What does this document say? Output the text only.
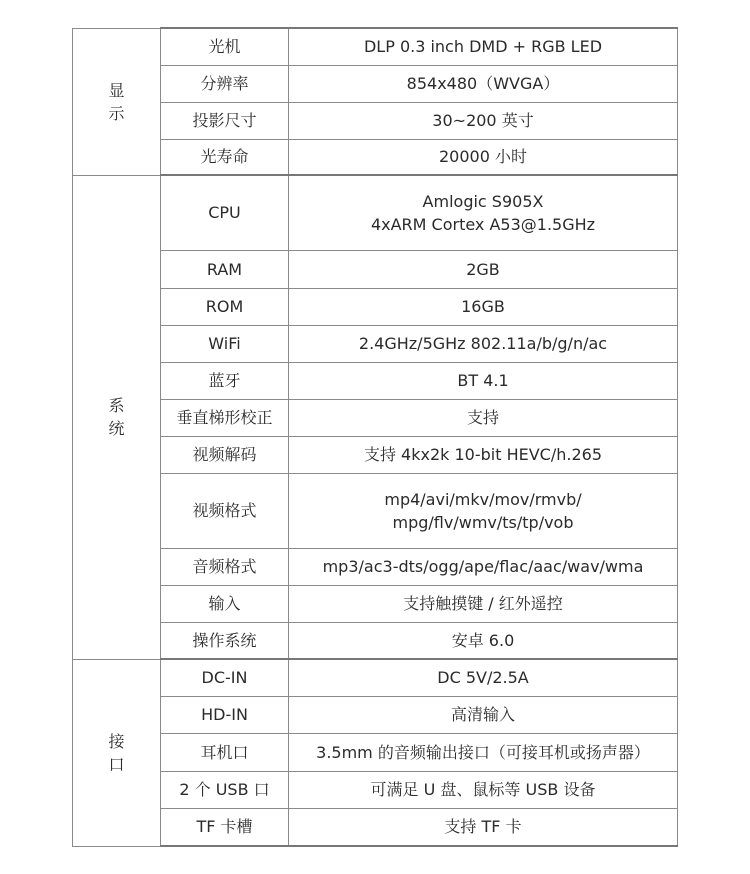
显
示	光机	DLP 0.3 inch DMD + RGB LED

	分辨率	854x480（WVGA）

	投影尺寸	30~200 英寸

	光寿命	20000 小时

系
统	CPU	Amlogic S905X
4xARM Cortex A53@1.5GHz

	RAM	2GB

	ROM	16GB

	WiFi	2.4GHz/5GHz 802.11a/b/g/n/ac

	蓝牙	BT 4.1

	垂直梯形校正	支持

	视频解码	支持 4kx2k 10-bit HEVC/h.265

	视频格式	mp4/avi/mkv/mov/rmvb/
mpg/flv/wmv/ts/tp/vob

	音频格式	mp3/ac3-dts/ogg/ape/flac/aac/wav/wma

	输入	支持触摸键 / 红外遥控

	操作系统	安卓 6.0

接
口	DC-IN	DC 5V/2.5A

	HD-IN	高清输入

	耳机口	3.5mm 的音频输出接口（可接耳机或扬声器）

	2 个 USB 口	可满足 U 盘、鼠标等 USB 设备

	TF 卡槽	支持 TF 卡
